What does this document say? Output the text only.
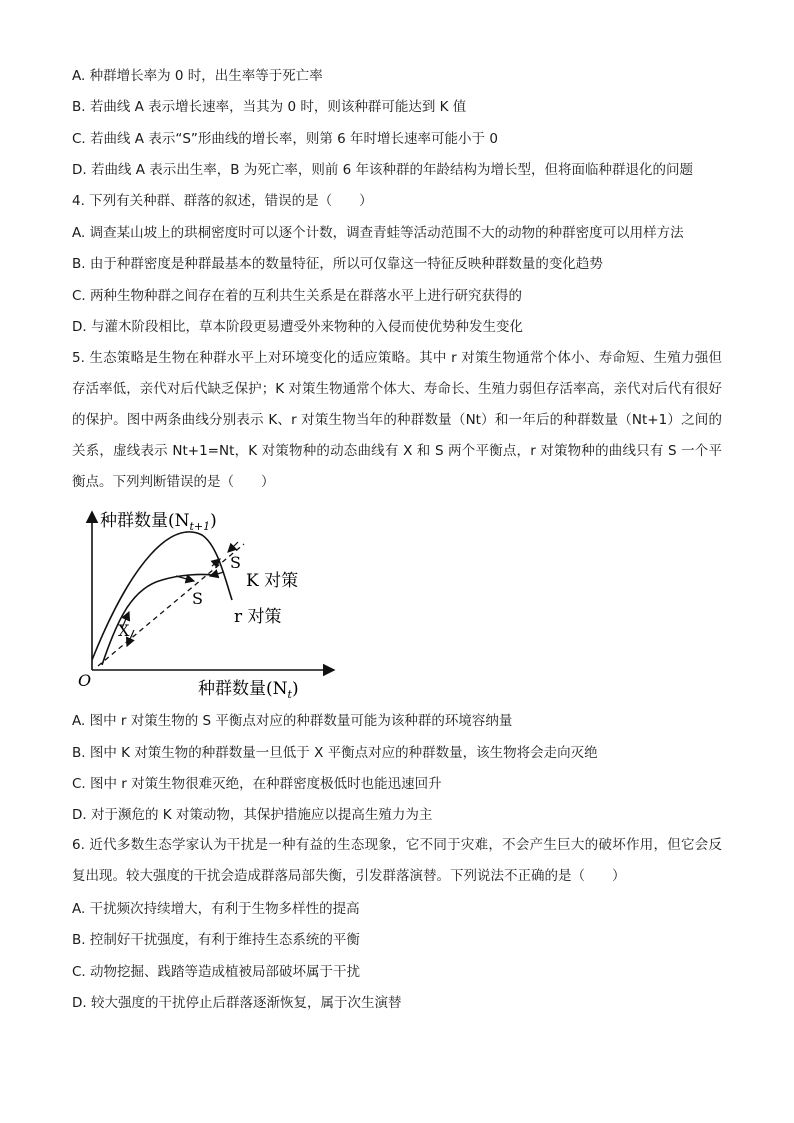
A. 种群增长率为 0 时，出生率等于死亡率
B. 若曲线 A 表示增长速率，当其为 0 时，则该种群可能达到 K 值
C. 若曲线 A 表示“S”形曲线的增长率，则第 6 年时增长速率可能小于 0
D. 若曲线 A 表示出生率，B 为死亡率，则前 6 年该种群的年龄结构为增长型，但将面临种群退化的问题
4. 下列有关种群、群落的叙述，错误的是（　　）
A. 调查某山坡上的珙桐密度时可以逐个计数，调查青蛙等活动范围不大的动物的种群密度可以用样方法
B. 由于种群密度是种群最基本的数量特征，所以可仅靠这一特征反映种群数量的变化趋势
C. 两种生物种群之间存在着的互利共生关系是在群落水平上进行研究获得的
D. 与灌木阶段相比，草本阶段更易遭受外来物种的入侵而使优势种发生变化
5. 生态策略是生物在种群水平上对环境变化的适应策略。其中 r 对策生物通常个体小、寿命短、生殖力强但存活率低，亲代对后代缺乏保护；K 对策生物通常个体大、寿命长、生殖力弱但存活率高，亲代对后代有很好的保护。图中两条曲线分别表示 K、r 对策生物当年的种群数量（Nt）和一年后的种群数量（Nt+1）之间的关系，虚线表示 Nt+1=Nt，K 对策物种的动态曲线有 X 和 S 两个平衡点，r 对策物种的曲线只有 S 一个平衡点。下列判断错误的是（　　）
种群数量$(N_{t+1})$
种群数量$(N_t)$
O
S
S
X
K 对策
r 对策
A. 图中 r 对策生物的 S 平衡点对应的种群数量可能为该种群的环境容纳量
B. 图中 K 对策生物的种群数量一旦低于 X 平衡点对应的种群数量，该生物将会走向灭绝
C. 图中 r 对策生物很难灭绝，在种群密度极低时也能迅速回升
D. 对于濒危的 K 对策动物，其保护措施应以提高生殖力为主
6. 近代多数生态学家认为干扰是一种有益的生态现象，它不同于灾难，不会产生巨大的破坏作用，但它会反复出现。较大强度的干扰会造成群落局部失衡，引发群落演替。下列说法不正确的是（　　）
A. 干扰频次持续增大，有利于生物多样性的提高
B. 控制好干扰强度，有利于维持生态系统的平衡
C. 动物挖掘、践踏等造成植被局部破坏属于干扰
D. 较大强度的干扰停止后群落逐渐恢复，属于次生演替
